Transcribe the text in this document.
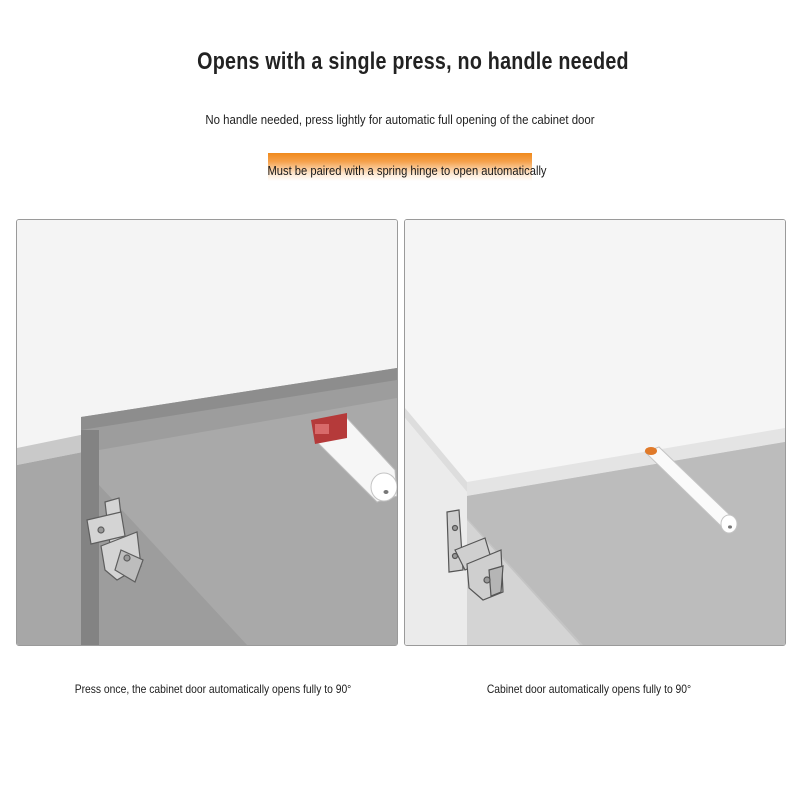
Opens with a single press, no handle needed
No handle needed, press lightly for automatic full opening of the cabinet door
Must be paired with a spring hinge to open automatically
Press once, the cabinet door automatically opens fully to 90°	Cabinet door automatically opens fully to 90°
